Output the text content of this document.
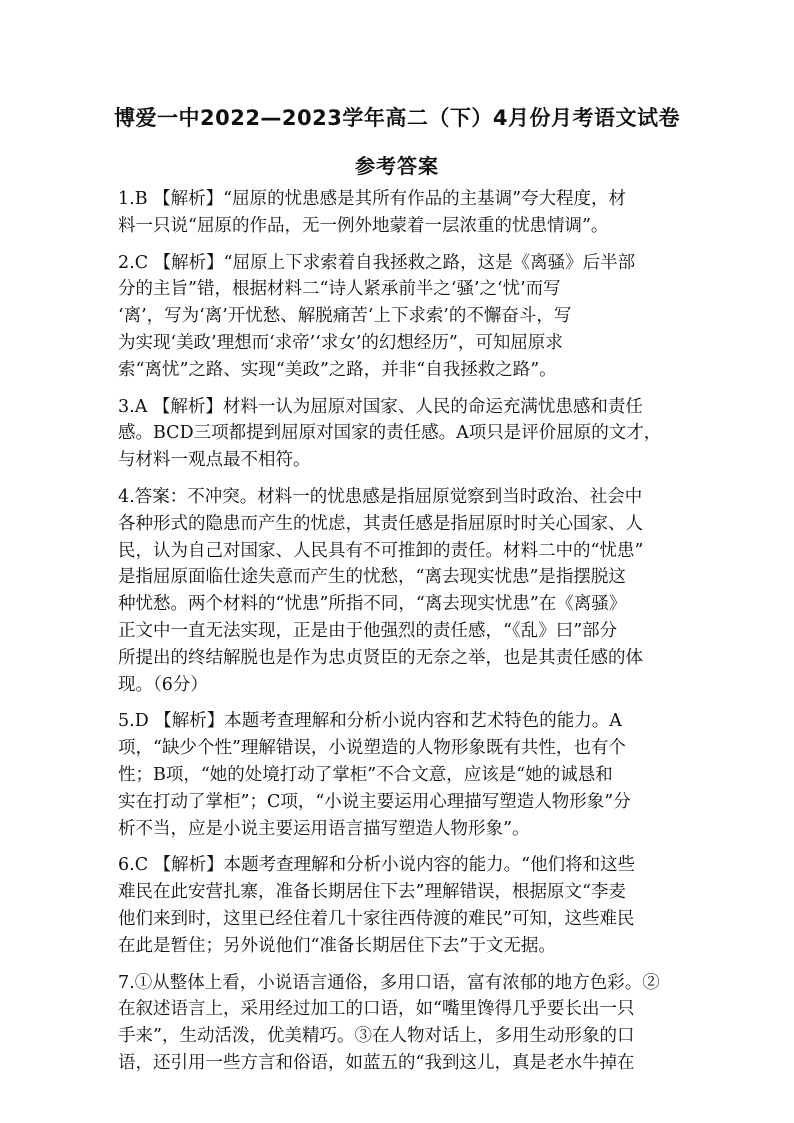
博爱一中2022—2023学年高二（下）4月份月考语文试卷
参考答案

1.B 【解析】“屈原的忧患感是其所有作品的主基调”夸大程度，材
料一只说“屈原的作品，无一例外地蒙着一层浓重的忧患情调”。

2.C 【解析】“屈原上下求索着自我拯救之路，这是《离骚》后半部
分的主旨”错，根据材料二“诗人紧承前半之‘骚’之‘忧’而写
‘离’，写为‘离’开忧愁、解脱痛苦‘上下求索’的不懈奋斗，写
为实现‘美政’理想而‘求帝’‘求女’的幻想经历”，可知屈原求
索“离忧”之路、实现“美政”之路，并非“自我拯救之路”。

3.A 【解析】材料一认为屈原对国家、人民的命运充满忧患感和责任
感。BCD三项都提到屈原对国家的责任感。A项只是评价屈原的文才，
与材料一观点最不相符。

4.答案：不冲突。材料一的忧患感是指屈原觉察到当时政治、社会中
各种形式的隐患而产生的忧虑，其责任感是指屈原时时关心国家、人
民，认为自己对国家、人民具有不可推卸的责任。材料二中的“忧患”
是指屈原面临仕途失意而产生的忧愁，“离去现实忧患”是指摆脱这
种忧愁。两个材料的“忧患”所指不同，“离去现实忧患”在《离骚》
正文中一直无法实现，正是由于他强烈的责任感，“《乱》曰”部分
所提出的终结解脱也是作为忠贞贤臣的无奈之举，也是其责任感的体
现。（6分）

5.D 【解析】本题考查理解和分析小说内容和艺术特色的能力。A
项，“缺少个性”理解错误，小说塑造的人物形象既有共性，也有个
性；B项，“她的处境打动了掌柜”不合文意，应该是“她的诚恳和
实在打动了掌柜”；C项，“小说主要运用心理描写塑造人物形象”分
析不当，应是小说主要运用语言描写塑造人物形象”。

6.C 【解析】本题考查理解和分析小说内容的能力。“他们将和这些
难民在此安营扎寨，准备长期居住下去”理解错误，根据原文“李麦
他们来到时，这里已经住着几十家往西侍渡的难民”可知，这些难民
在此是暂住；另外说他们“准备长期居住下去”于文无据。

7.①从整体上看，小说语言通俗，多用口语，富有浓郁的地方色彩。②
在叙述语言上，采用经过加工的口语，如“嘴里馋得几乎要长出一只
手来”，生动活泼，优美精巧。③在人物对话上，多用生动形象的口
语，还引用一些方言和俗语，如蓝五的“我到这儿，真是老水牛掉在
